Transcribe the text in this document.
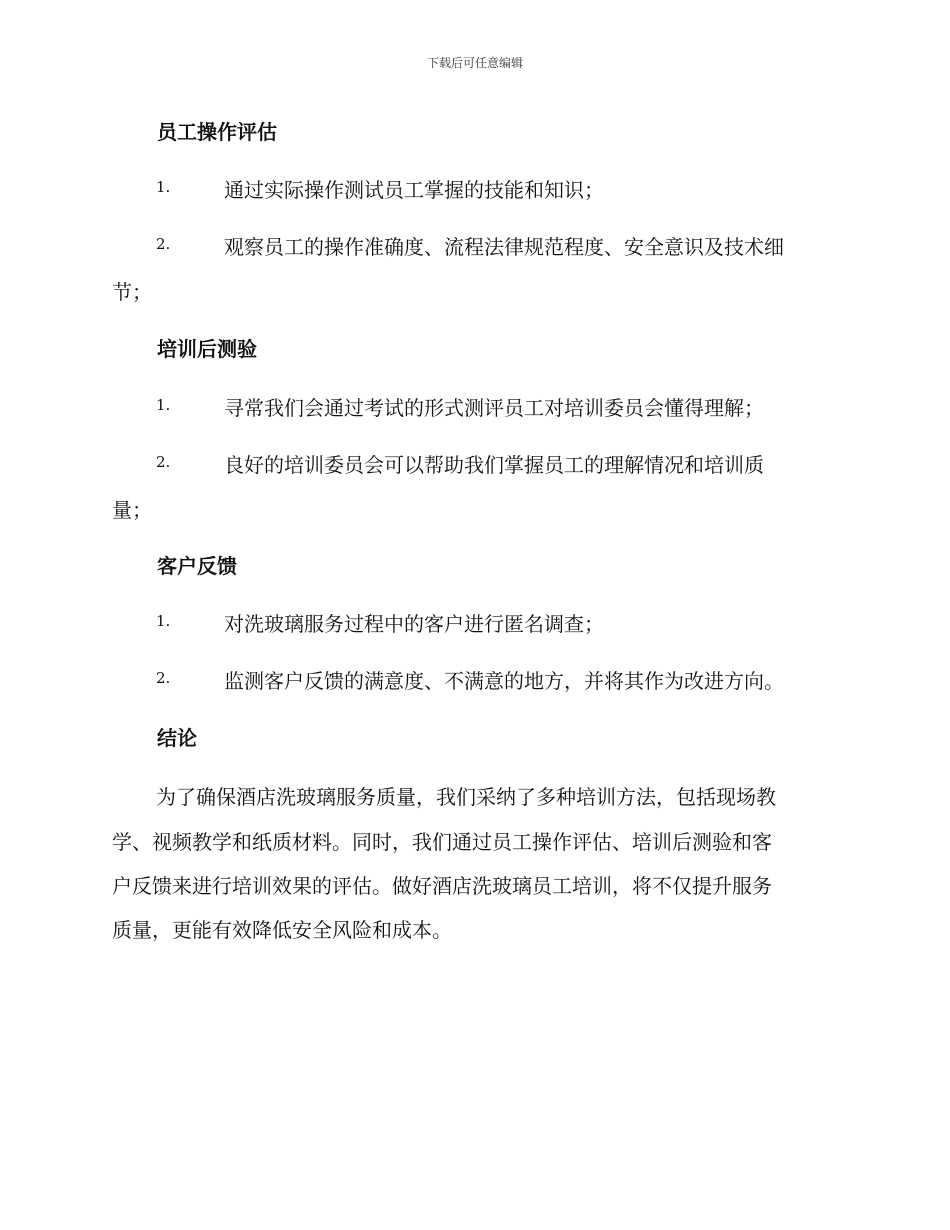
下载后可任意编辑
员工操作评估
1.	通过实际操作测试员工掌握的技能和知识；
2.	观察员工的操作准确度、流程法律规范程度、安全意识及技术细
节；
培训后测验
1.	寻常我们会通过考试的形式测评员工对培训委员会懂得理解；
2.	良好的培训委员会可以帮助我们掌握员工的理解情况和培训质
量；
客户反馈
1.	对洗玻璃服务过程中的客户进行匿名调查；
2.	监测客户反馈的满意度、不满意的地方，并将其作为改进方向。
结论
为了确保酒店洗玻璃服务质量，我们采纳了多种培训方法，包括现场教
学、视频教学和纸质材料。同时，我们通过员工操作评估、培训后测验和客
户反馈来进行培训效果的评估。做好酒店洗玻璃员工培训，将不仅提升服务
质量，更能有效降低安全风险和成本。
